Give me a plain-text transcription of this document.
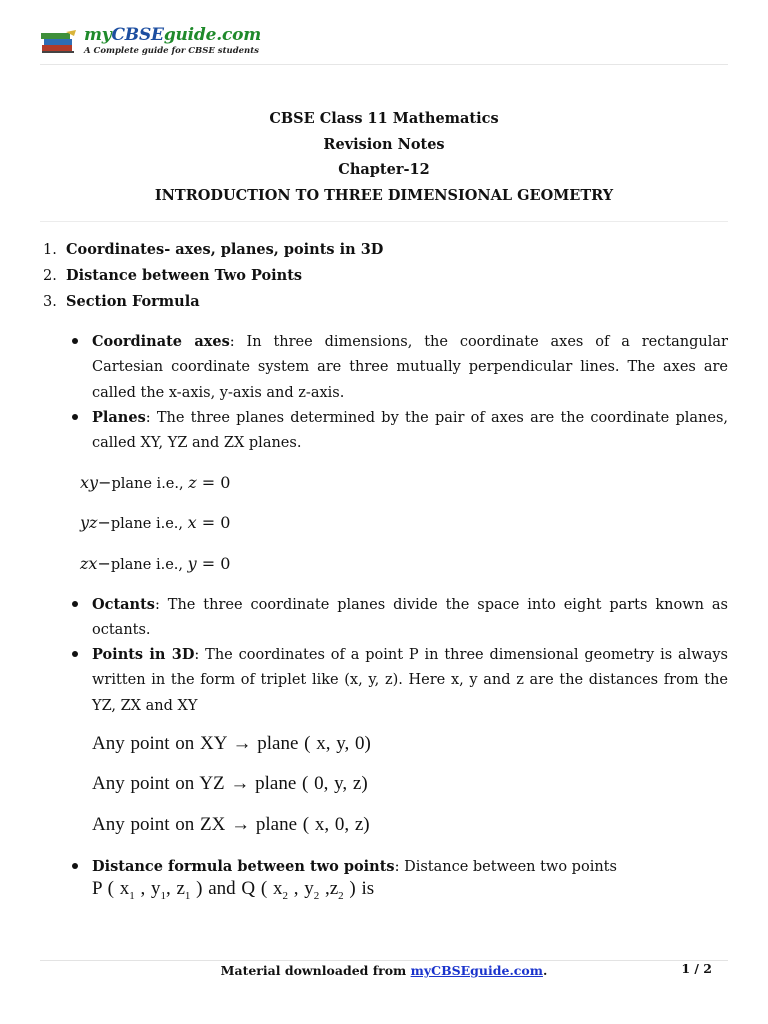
myCBSEguide.com
A Complete guide for CBSE students
CBSE Class 11 Mathematics
Revision Notes
Chapter-12
INTRODUCTION TO THREE DIMENSIONAL GEOMETRY
1. Coordinates- axes, planes, points in 3D
2. Distance between Two Points
3. Section Formula
Coordinate axes: In three dimensions, the coordinate axes of a rectangular Cartesian coordinate system are three mutually perpendicular lines. The axes are called the x-axis, y-axis and z-axis.
Planes: The three planes determined by the pair of axes are the coordinate planes, called XY, YZ and ZX planes.
xy−plane i.e., z = 0
yz−plane i.e., x = 0
zx−plane i.e., y = 0
Octants: The three coordinate planes divide the space into eight parts known as octants.
Points in 3D: The coordinates of a point P in three dimensional geometry is always written in the form of triplet like (x, y, z). Here x, y and z are the distances from the YZ, ZX and XY
Any point on XY → plane ( x, y, 0)
Any point on YZ → plane ( 0, y, z)
Any point on ZX → plane ( x, 0, z)
Distance formula between two points: Distance between two points
P ( $x_1$ , $y_1$, $z_1$ ) and Q ( $x_2$ , $y_2$ $,z_2$ ) is
Material downloaded from myCBSEguide.com.	1 / 2
